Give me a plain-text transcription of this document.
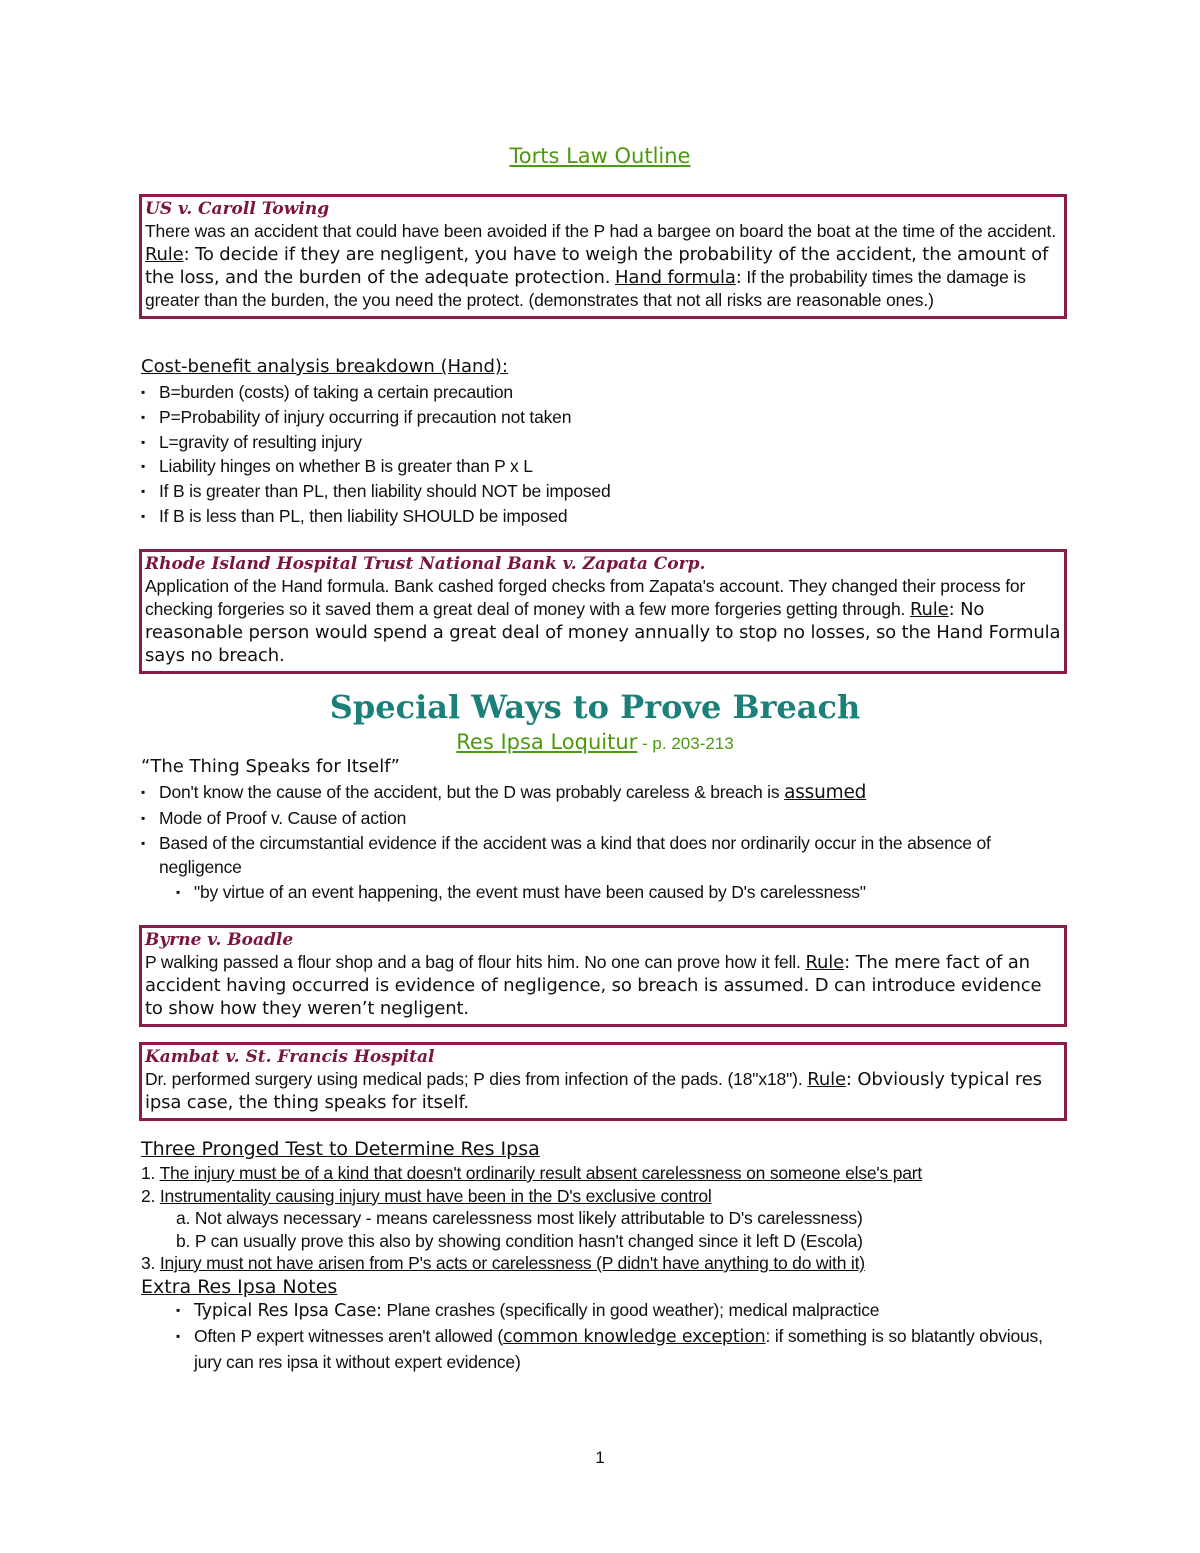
Torts Law Outline
US v. Caroll Towing
There was an accident that could have been avoided if the P had a bargee on board the boat at the time of the accident. Rule: To decide if they are negligent, you have to weigh the probability of the accident, the amount of the loss, and the burden of the adequate protection. Hand formula: If the probability times the damage is greater than the burden, the you need the protect. (demonstrates that not all risks are reasonable ones.)
Cost-benefit analysis breakdown (Hand):
▪ B=burden (costs) of taking a certain precaution
▪ P=Probability of injury occurring if precaution not taken
▪ L=gravity of resulting injury
▪ Liability hinges on whether B is greater than P x L
▪ If B is greater than PL, then liability should NOT be imposed
▪ If B is less than PL, then liability SHOULD be imposed
Rhode Island Hospital Trust National Bank v. Zapata Corp.
Application of the Hand formula. Bank cashed forged checks from Zapata's account. They changed their process for checking forgeries so it saved them a great deal of money with a few more forgeries getting through. Rule: No reasonable person would spend a great deal of money annually to stop no losses, so the Hand Formula says no breach.
Special Ways to Prove Breach
Res Ipsa Loquitur - p. 203-213
“The Thing Speaks for Itself”
▪ Don't know the cause of the accident, but the D was probably careless & breach is assumed
▪ Mode of Proof v. Cause of action
▪ Based of the circumstantial evidence if the accident was a kind that does nor ordinarily occur in the absence of negligence
▪ "by virtue of an event happening, the event must have been caused by D's carelessness"
Byrne v. Boadle
P walking passed a flour shop and a bag of flour hits him. No one can prove how it fell. Rule: The mere fact of an accident having occurred is evidence of negligence, so breach is assumed. D can introduce evidence to show how they weren’t negligent.
Kambat v. St. Francis Hospital
Dr. performed surgery using medical pads; P dies from infection of the pads. (18"x18"). Rule: Obviously typical res ipsa case, the thing speaks for itself.
Three Pronged Test to Determine Res Ipsa
1. The injury must be of a kind that doesn't ordinarily result absent carelessness on someone else's part
2. Instrumentality causing injury must have been in the D's exclusive control
a. Not always necessary - means carelessness most likely attributable to D's carelessness)
b. P can usually prove this also by showing condition hasn't changed since it left D (Escola)
3. Injury must not have arisen from P's acts or carelessness (P didn't have anything to do with it)
Extra Res Ipsa Notes
▪ Typical Res Ipsa Case: Plane crashes (specifically in good weather); medical malpractice
▪ Often P expert witnesses aren't allowed (common knowledge exception: if something is so blatantly obvious, jury can res ipsa it without expert evidence)
1
